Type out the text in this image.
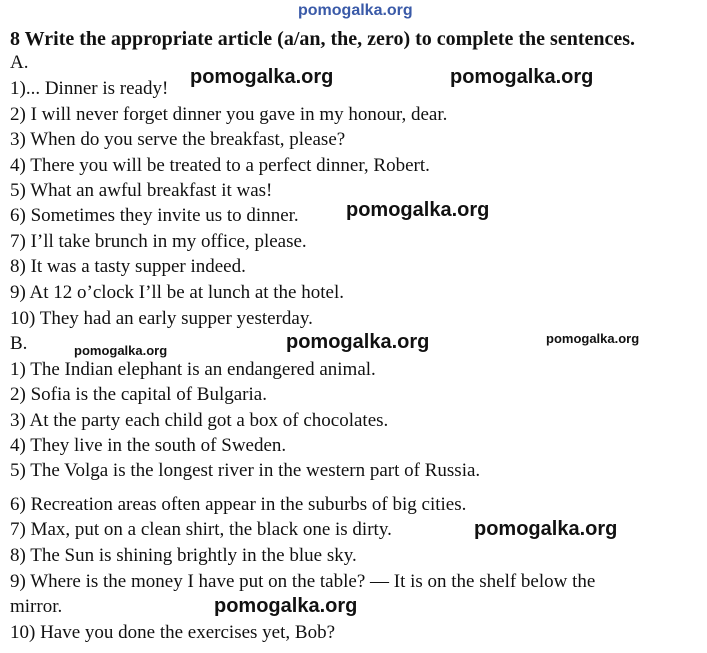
pomogalka.org
8 Write the appropriate article (a/an, the, zero) to complete the sentences.
A.
1)... Dinner is ready!
2) I will never forget dinner you gave in my honour, dear.
3) When do you serve the breakfast, please?
4) There you will be treated to a perfect dinner, Robert.
5) What an awful breakfast it was!
6) Sometimes they invite us to dinner.
7) I’ll take brunch in my office, please.
8) It was a tasty supper indeed.
9) At 12 o’clock I’ll be at lunch at the hotel.
10) They had an early supper yesterday.
B.
1) The Indian elephant is an endangered animal.
2) Sofia is the capital of Bulgaria.
3) At the party each child got a box of chocolates.
4) They live in the south of Sweden.
5) The Volga is the longest river in the western part of Russia.
6) Recreation areas often appear in the suburbs of big cities.
7) Max, put on a clean shirt, the black one is dirty.
8) The Sun is shining brightly in the blue sky.
9) Where is the money I have put on the table? — It is on the shelf below the
mirror.
10) Have you done the exercises yet, Bob?
pomogalka.org	pomogalka.org
pomogalka.org
pomogalka.org	pomogalka.org	pomogalka.org
pomogalka.org
pomogalka.org
